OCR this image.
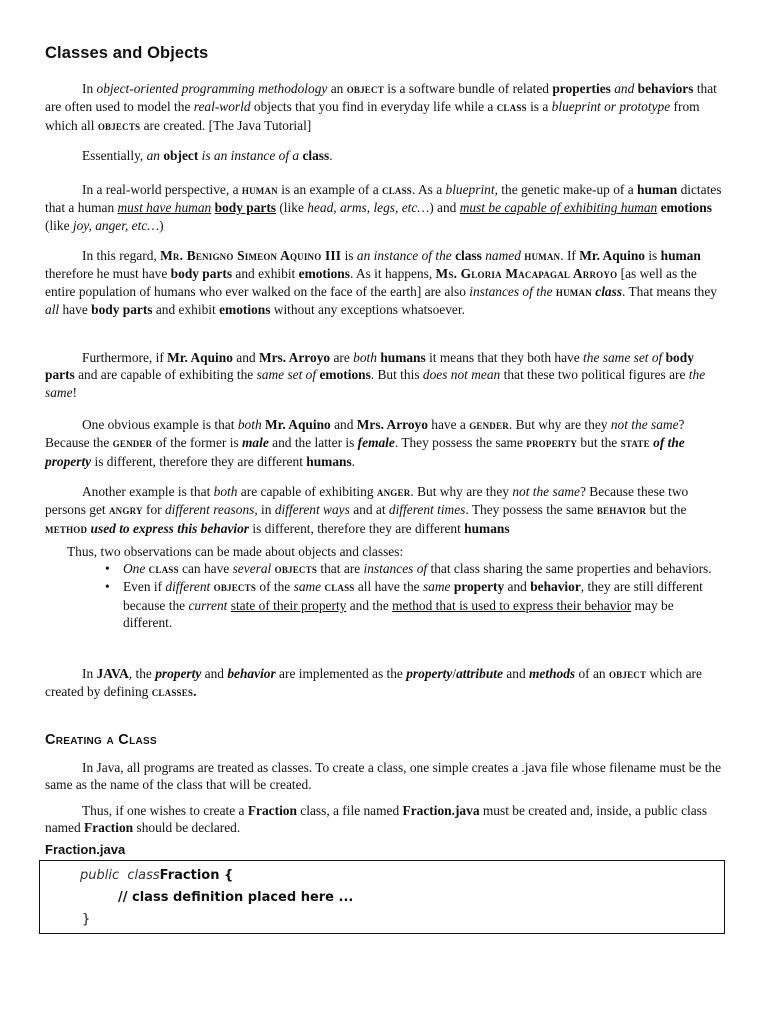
Classes and Objects

In object-oriented programming methodology an object is a software bundle of related properties and behaviors that are often used to model the real-world objects that you find in everyday life while a class is a blueprint or prototype from which all objects are created. [The Java Tutorial]

Essentially, an object is an instance of a class.

In a real-world perspective, a human is an example of a class. As a blueprint, the genetic make-up of a human dictates that a human must have human body parts (like head, arms, legs, etc…) and must be capable of exhibiting human emotions (like joy, anger, etc…)

In this regard, Mr. Benigno Simeon Aquino III is an instance of the class named human. If Mr. Aquino is human therefore he must have body parts and exhibit emotions. As it happens, Ms. Gloria Macapagal Arroyo [as well as the entire population of humans who ever walked on the face of the earth] are also instances of the human class. That means they all have body parts and exhibit emotions without any exceptions whatsoever.

Furthermore, if Mr. Aquino and Mrs. Arroyo are both humans it means that they both have the same set of body parts and are capable of exhibiting the same set of emotions. But this does not mean that these two political figures are the same!

One obvious example is that both Mr. Aquino and Mrs. Arroyo have a gender. But why are they not the same? Because the gender of the former is male and the latter is female. They possess the same property but the state of the property is different, therefore they are different humans.

Another example is that both are capable of exhibiting anger. But why are they not the same? Because these two persons get angry for different reasons, in different ways and at different times. They possess the same behavior but the method used to express this behavior is different, therefore they are different humans

Thus, two observations can be made about objects and classes:

• One class can have several objects that are instances of that class sharing the same properties and behaviors.
• Even if different objects of the same class all have the same property and behavior, they are still different because the current state of their property and the method that is used to express their behavior may be different.

In JAVA, the property and behavior are implemented as the property/attribute and methods of an object which are created by defining classes.

Creating a Class

In Java, all programs are treated as classes. To create a class, one simple creates a .java file whose filename must be the same as the name of the class that will be created.

Thus, if one wishes to create a Fraction class, a file named Fraction.java must be created and, inside, a public class named Fraction should be declared.

Fraction.java
public classFraction {
// class definition placed here ...
}
